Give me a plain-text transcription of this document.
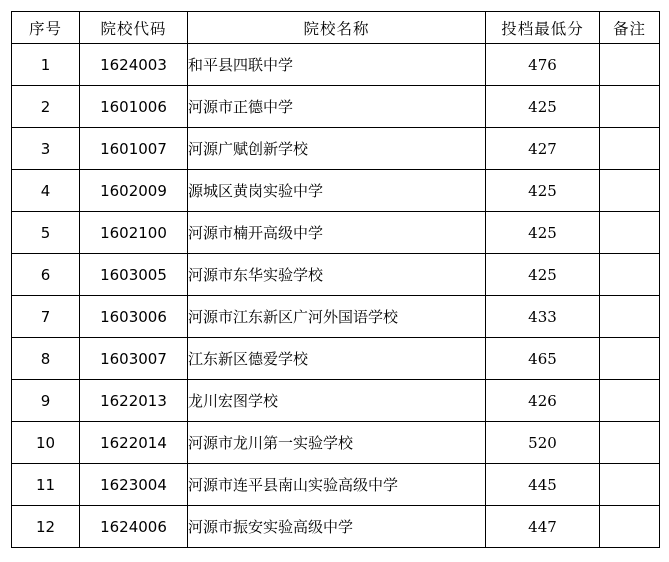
序号	院校代码	院校名称	投档最低分	备注
1	1624003	和平县四联中学	476	
2	1601006	河源市正德中学	425	
3	1601007	河源广赋创新学校	427	
4	1602009	源城区黄岗实验中学	425	
5	1602100	河源市楠开高级中学	425	
6	1603005	河源市东华实验学校	425	
7	1603006	河源市江东新区广河外国语学校	433	
8	1603007	江东新区德爱学校	465	
9	1622013	龙川宏图学校	426	
10	1622014	河源市龙川第一实验学校	520	
11	1623004	河源市连平县南山实验高级中学	445	
12	1624006	河源市振安实验高级中学	447	
